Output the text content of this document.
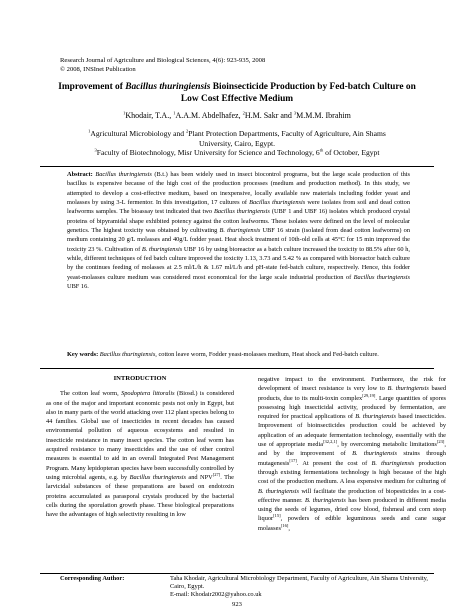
Research Journal of Agriculture and Biological Sciences, 4(6): 923-935, 2008
© 2008, INSInet Publication
Improvement of Bacillus thuringiensis Bioinsecticide Production by Fed-batch Culture on
Low Cost Effective Medium
$^1$Khodair, T.A., $^1$A.A.M. Abdelhafez, $^2$H.M. Sakr and $^3$M.M.M. Ibrahim
$^1$Agricultural Microbiology and $^2$Plant Protection Departments, Faculty of Agriculture, Ain Shams
University, Cairo, Egypt.
$^3$Faculty of Biotechnology, Misr University for Science and Technology, 6th of October, Egypt
Abstract: Bacillus thuringiensis (B.t.) has been widely used in insect biocontrol programs, but the large scale production of this bacillus is expensive because of the high cost of the production processes (medium and production method). In this study, we attempted to develop a cost-effective medium, based on inexpensive, locally available raw materials including fodder yeast and molasses by using 3-L fermentor. In this investigation, 17 cultures of Bacillus thuringiensis were isolates from soil and dead cotton leafworms samples. The bioassay test indicated that two Bacillus thuringiensis (UBF 1 and UBF 16) isolates which produced crystal proteins of bipyramidal shape exhibited potency against the cotton leafworms. These isolates were defined on the level of molecular genetics. The highest toxicity was obtained by cultivating B. thuringiensis UBF 16 strain (isolated from dead cotton leafworms) on medium containing 20 g/L molasses and 40g/L fodder yeast. Heat shock treatment of 10th-old cells at 45°C for 15 min improved the toxicity 23 %. Cultivation of B. thuringiensis UBF 16 by using bioreactor as a batch culture increased the toxicity to 88.5% after 60 h, while, different techniques of fed batch culture improved the toxicity 1.13, 3.73 and 5.42 % as compared with bioreactor batch culture by the continues feeding of molasses at 2.5 ml/L/h & 1.67 ml/L/h and pH-state fed-batch culture, respectively. Hence, this fodder yeast-molasses culture medium was considered most economical for the large scale industrial production of Bacillus thuringiensis UBF 16.
Key words: Bacillus thuringiensis, cotton leave worm, Fodder yeast-molasses medium, Heat shock and Fed-batch culture.
INTRODUCTION

The cotton leaf worm, Spodoptera littoralis (Biosd.) is considered as one of the major and important economic pests not only in Egypt, but also in many parts of the world attacking over 112 plant species belong to 44 families. Global use of insecticides in recent decades has caused environmental pollution of aqueous ecosystems and resulted in insecticide resistance in many insect species. The cotton leaf worm has acquired resistance to many insecticides and the use of other control measures is essential to aid in an overall Integrated Pest Management Program. Many lepidopteran species have been successfully controlled by using microbial agents, e.g. by Bacillus thuringiensis and NPV[27]. The larvicidal substances of these preparations are based on endotoxin proteins accumulated as parasporal crystals produced by the bacterial cells during the sporulation growth phase. These biological preparations have the advantages of high selectivity resulting in low

negative impact to the environment. Furthermore, the risk for development of insect resistance is very low to B. thuringiensis based products, due to its multi-toxin complex[29,19]. Large quantities of spores possessing high insecticidal activity, produced by fermentation, are required for practical applications of B. thuringiensis based insecticides. Improvement of bioinsecticides production could be achieved by application of an adequate fermentation technology, essentially with the use of appropriate media[32,2,1], by overcoming metabolic limitations[23], and by the improvement of B. thuringiensis strains through mutagenesis[17]. At present the cost of B. thuringiensis production through existing fermentations technology is high because of the high cost of the production medium. A less expensive medium for culturing of B. thuringiensis will facilitate the production of biopesticides in a cost-effective manner. B. thuringiensis has been produced in different media using the seeds of legumes, dried cow blood, fishmeal and corn steep liquor[15], powders of edible leguminous seeds and cane sugar molasses[16],

Corresponding Author:	Taha Khodair, Agricultural Microbiology Department, Faculty of Agriculture, Ain Shams University, Cairo, Egypt.
E-mail: Khodair2002@yahoo.co.uk
923
